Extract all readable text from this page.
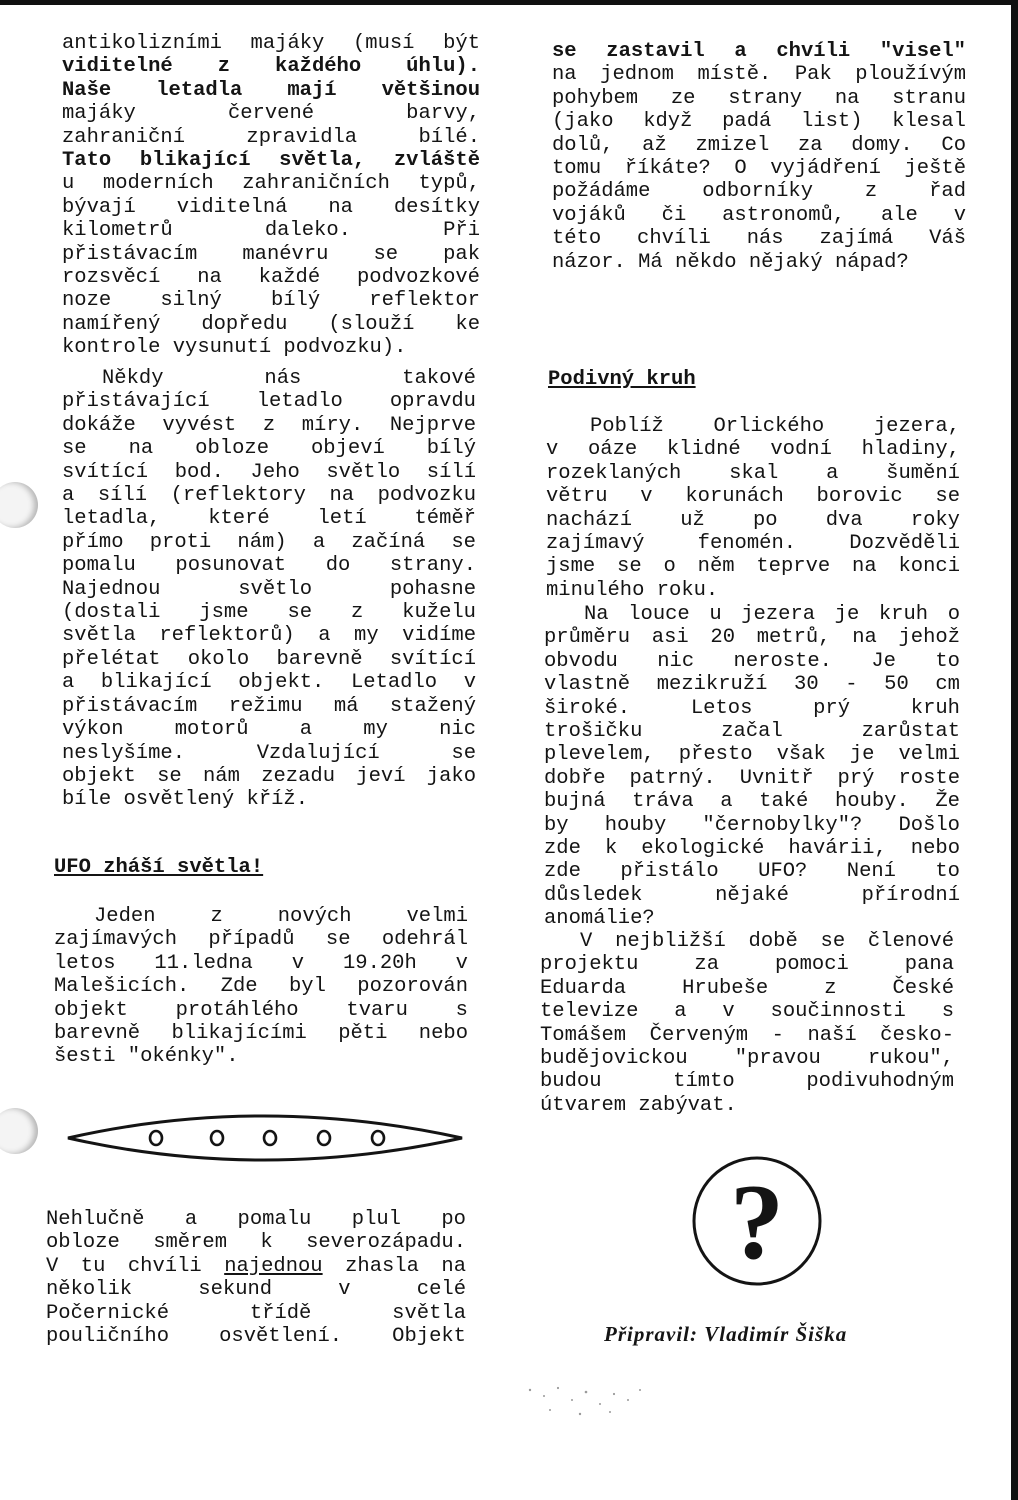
antikolizními majáky (musí být

viditelné z každého úhlu).

Naše letadla mají většinou

majáky červené barvy,

zahraniční zpravidla bílé.

Tato blikající světla, zvláště

u moderních zahraničních typů,

bývají viditelná na desítky

kilometrů daleko. Při

přistávacím manévru se pak

rozsvěcí na každé podvozkové

noze silný bílý reflektor

namířený dopředu (slouží ke

kontrole vysunutí podvozku).

Někdy nás takové

přistávající letadlo opravdu

dokáže vyvést z míry. Nejprve

se na obloze objeví bílý

svítící bod. Jeho světlo sílí

a sílí (reflektory na podvozku

letadla, které letí téměř

přímo proti nám) a začíná se

pomalu posunovat do strany.

Najednou světlo pohasne

(dostali jsme se z kuželu

světla reflektorů) a my vidíme

přelétat okolo barevně svítící

a blikající objekt. Letadlo v

přistávacím režimu má stažený

výkon motorů a my nic

neslyšíme. Vzdalující se

objekt se nám zezadu jeví jako

bíle osvětlený kříž.

UFO zháší světla!

Jeden z nových velmi

zajímavých případů se odehrál

letos 11.ledna v 19.20h v

Malešicích. Zde byl pozorován

objekt protáhlého tvaru s

barevně blikajícími pěti nebo

šesti "okénky".

Nehlučně a pomalu plul po

obloze směrem k severozápadu.

V tu chvíli najednou zhasla na

několik sekund v celé

Počernické třídě světla

pouličního osvětlení. Objekt

se zastavil a chvíli "visel"

na jednom místě. Pak ploužívým

pohybem ze strany na stranu

(jako když padá list) klesal

dolů, až zmizel za domy. Co

tomu říkáte? O vyjádření ještě

požádáme odborníky z řad

vojáků či astronomů, ale v

této chvíli nás zajímá Váš

názor. Má někdo nějaký nápad?

Podivný kruh

Poblíž Orlického jezera,

v oáze klidné vodní hladiny,

rozeklaných skal a šumění

větru v korunách borovic se

nachází už po dva roky

zajímavý fenomén. Dozvěděli

jsme se o něm teprve na konci

minulého roku.

Na louce u jezera je kruh o

průměru asi 20 metrů, na jehož

obvodu nic neroste. Je to

vlastně mezikruží 30 - 50 cm

široké. Letos prý kruh

trošičku začal zarůstat

plevelem, přesto však je velmi

dobře patrný. Uvnitř prý roste

bujná tráva a také houby. Že

by houby "černobylky"? Došlo

zde k ekologické havárii, nebo

zde přistálo UFO? Není to

důsledek nějaké přírodní

anomálie?

V nejbližší době se členové

projektu za pomoci pana

Eduarda Hrubeše z České

televize a v součinnosti s

Tomášem Červeným - naší česko-

budějovickou "pravou rukou",

budou tímto podivuhodným

útvarem zabývat.

?
Připravil: Vladimír Šiška
